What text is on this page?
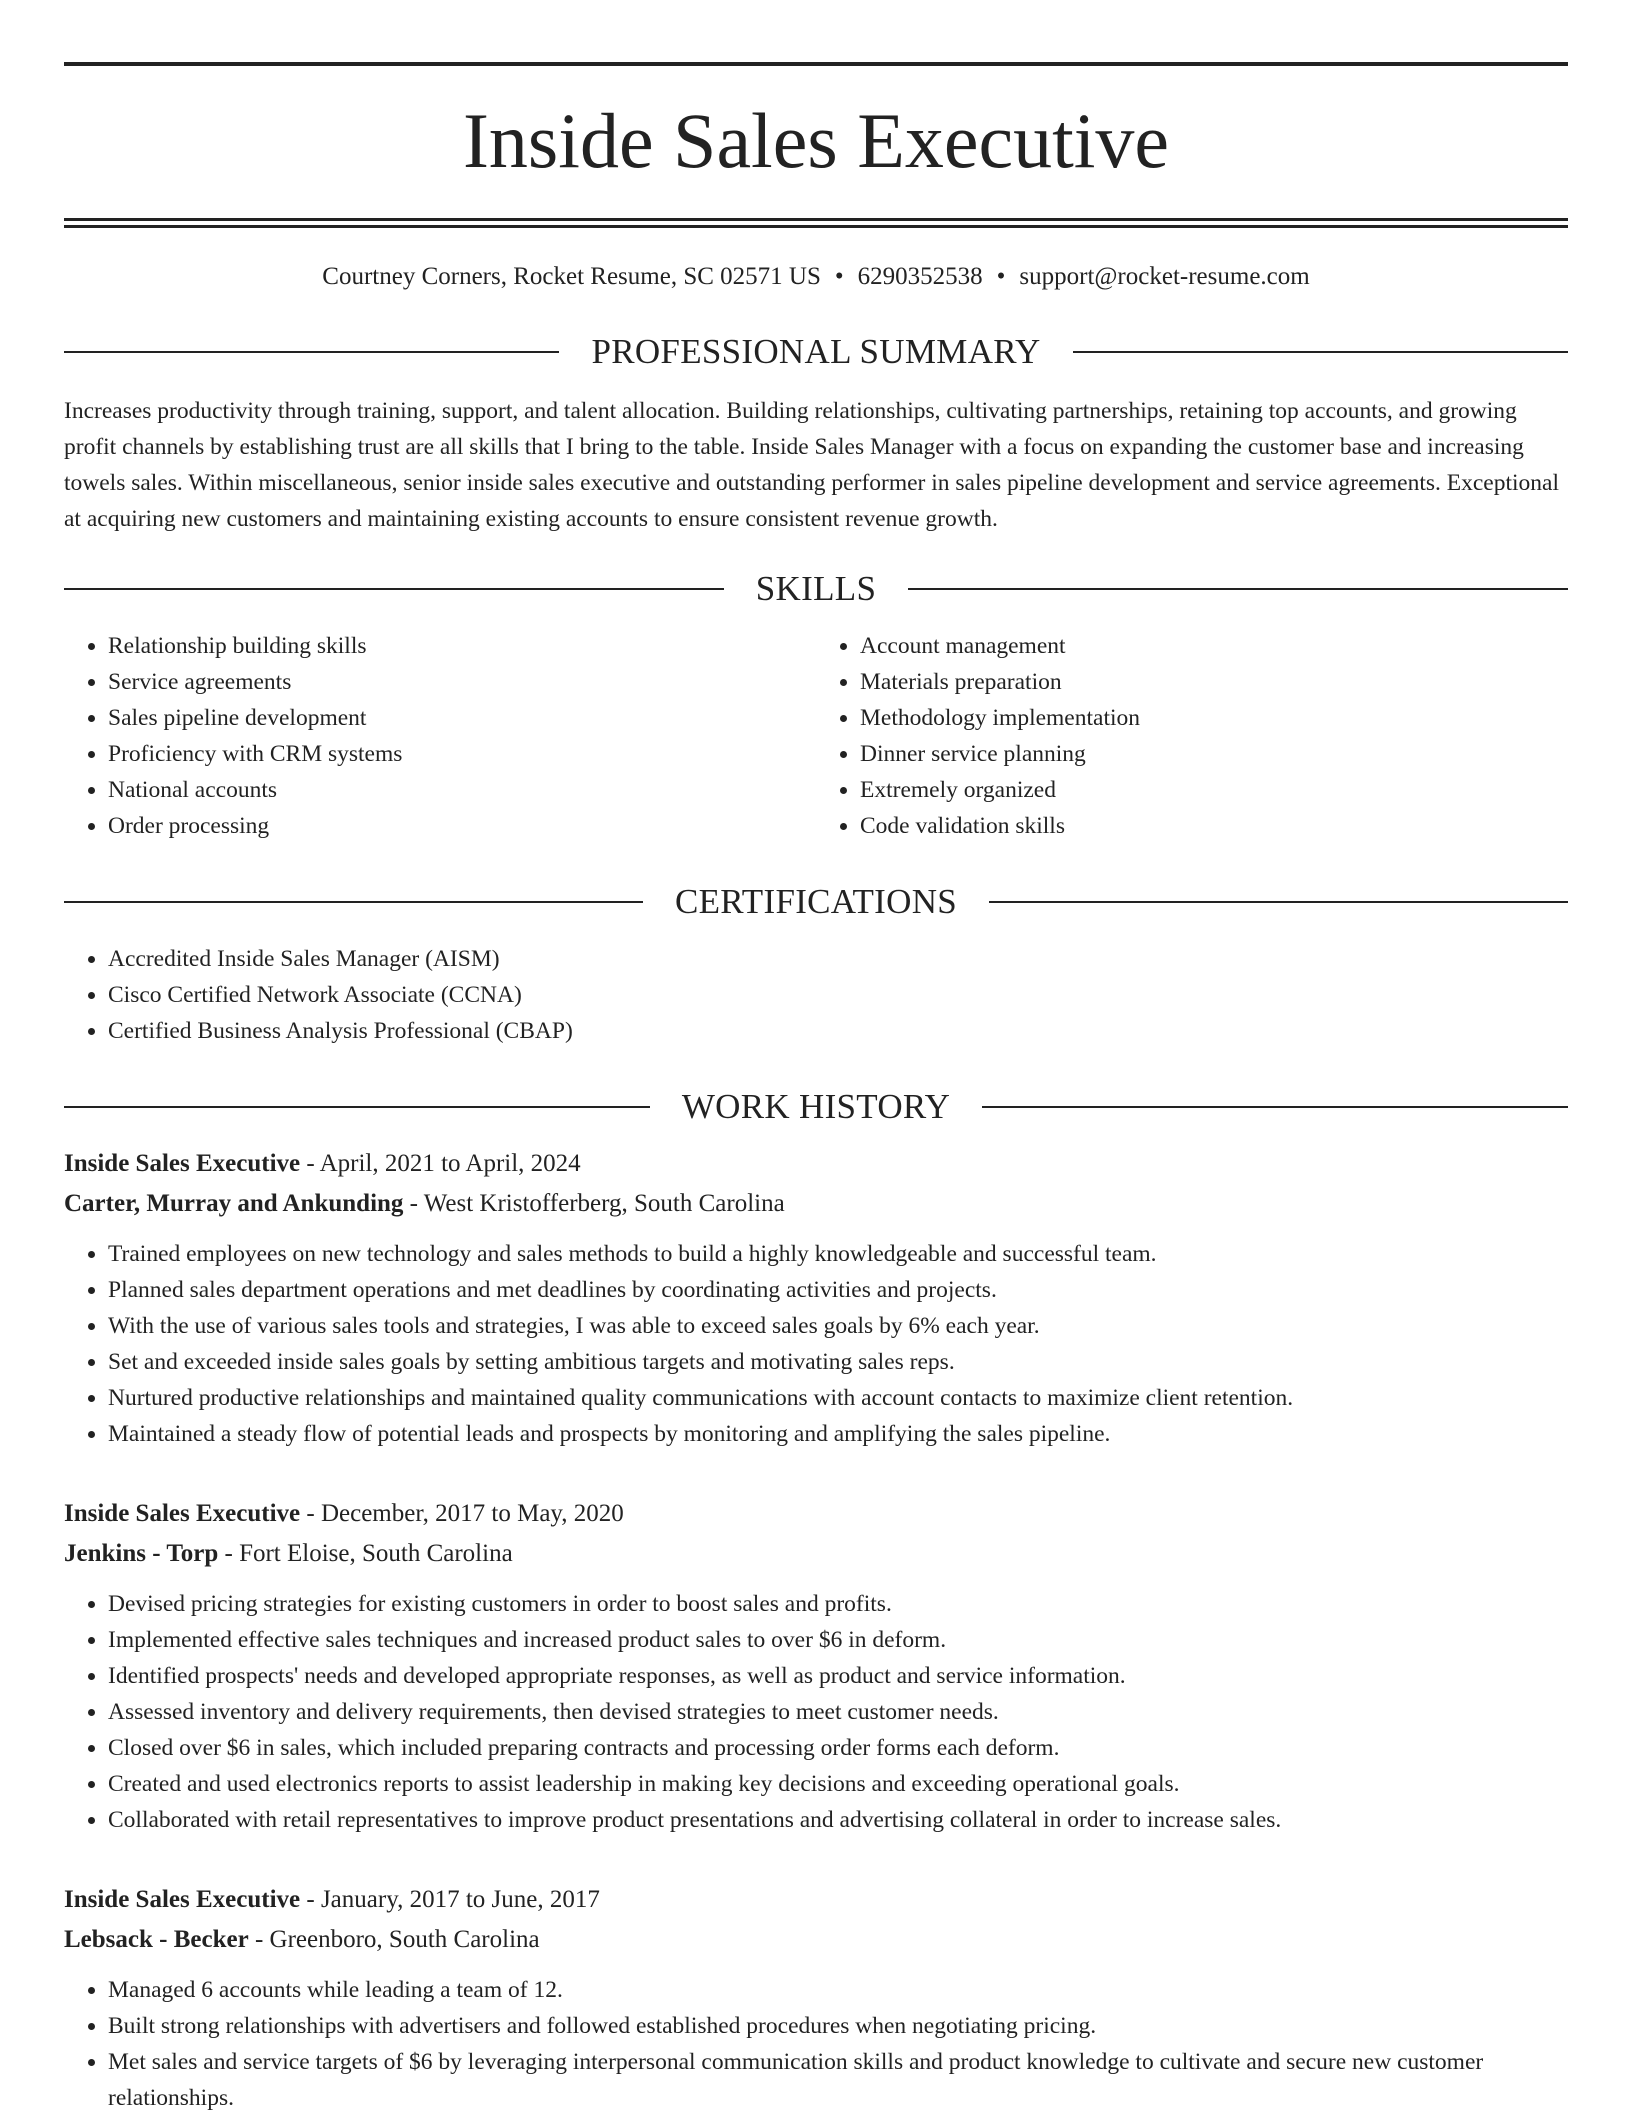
Inside Sales Executive
Courtney Corners, Rocket Resume, SC 02571 US • 6290352538 • support@rocket-resume.com
PROFESSIONAL SUMMARY

Increases productivity through training, support, and talent allocation. Building relationships, cultivating partnerships, retaining top accounts, and growing profit channels by establishing trust are all skills that I bring to the table. Inside Sales Manager with a focus on expanding the customer base and increasing towels sales. Within miscellaneous, senior inside sales executive and outstanding performer in sales pipeline development and service agreements. Exceptional at acquiring new customers and maintaining existing accounts to ensure consistent revenue growth.

SKILLS
• Relationship building skills
• Service agreements
• Sales pipeline development
• Proficiency with CRM systems
• National accounts
• Order processing
• Account management
• Materials preparation
• Methodology implementation
• Dinner service planning
• Extremely organized
• Code validation skills
CERTIFICATIONS
• Accredited Inside Sales Manager (AISM)
• Cisco Certified Network Associate (CCNA)
• Certified Business Analysis Professional (CBAP)
WORK HISTORY
Inside Sales Executive - April, 2021 to April, 2024
Carter, Murray and Ankunding - West Kristofferberg, South Carolina
• Trained employees on new technology and sales methods to build a highly knowledgeable and successful team.
• Planned sales department operations and met deadlines by coordinating activities and projects.
• With the use of various sales tools and strategies, I was able to exceed sales goals by 6% each year.
• Set and exceeded inside sales goals by setting ambitious targets and motivating sales reps.
• Nurtured productive relationships and maintained quality communications with account contacts to maximize client retention.
• Maintained a steady flow of potential leads and prospects by monitoring and amplifying the sales pipeline.
Inside Sales Executive - December, 2017 to May, 2020
Jenkins - Torp - Fort Eloise, South Carolina
• Devised pricing strategies for existing customers in order to boost sales and profits.
• Implemented effective sales techniques and increased product sales to over $6 in deform.
• Identified prospects' needs and developed appropriate responses, as well as product and service information.
• Assessed inventory and delivery requirements, then devised strategies to meet customer needs.
• Closed over $6 in sales, which included preparing contracts and processing order forms each deform.
• Created and used electronics reports to assist leadership in making key decisions and exceeding operational goals.
• Collaborated with retail representatives to improve product presentations and advertising collateral in order to increase sales.
Inside Sales Executive - January, 2017 to June, 2017
Lebsack - Becker - Greenboro, South Carolina
• Managed 6 accounts while leading a team of 12.
• Built strong relationships with advertisers and followed established procedures when negotiating pricing.
• Met sales and service targets of $6 by leveraging interpersonal communication skills and product knowledge to cultivate and secure new customer relationships.
